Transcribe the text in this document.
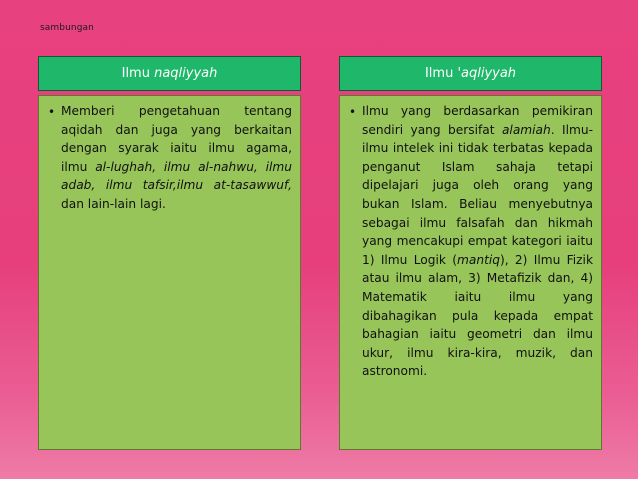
sambungan
Ilmu naqliyyah
• Memberi pengetahuan tentang aqidah dan juga yang berkaitan dengan syarak iaitu ilmu agama, ilmu al-lughah, ilmu al-nahwu, ilmu adab, ilmu tafsir,ilmu at-tasawwuf, dan lain-lain lagi.
Ilmu 'aqliyyah
• Ilmu yang berdasarkan pemikiran sendiri yang bersifat alamiah. Ilmu-ilmu intelek ini tidak terbatas kepada penganut Islam sahaja tetapi dipelajari juga oleh orang yang bukan Islam. Beliau menyebutnya sebagai ilmu falsafah dan hikmah yang mencakupi empat kategori iaitu 1) Ilmu Logik (mantiq), 2) Ilmu Fizik atau ilmu alam, 3) Metafizik dan, 4) Matematik iaitu ilmu yang dibahagikan pula kepada empat bahagian iaitu geometri dan ilmu ukur, ilmu kira-kira, muzik, dan astronomi.
